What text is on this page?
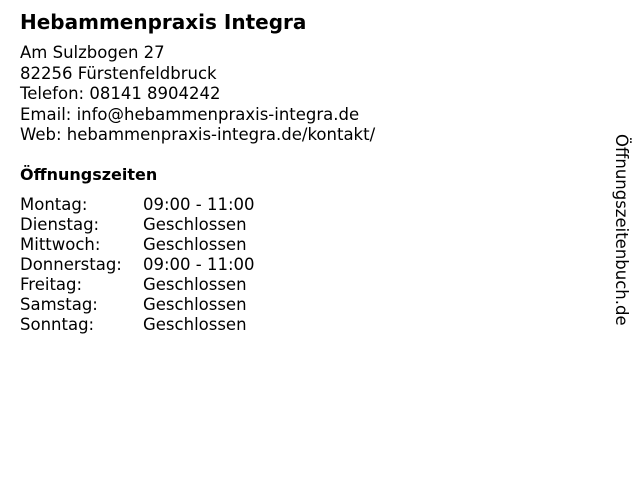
Hebammenpraxis Integra
Am Sulzbogen 27
82256 Fürstenfeldbruck
Telefon: 08141 8904242
Email: info@hebammenpraxis-integra.de
Web: hebammenpraxis-integra.de/kontakt/
Öffnungszeiten
Montag:	09:00 - 11:00
Dienstag:	Geschlossen
Mittwoch:	Geschlossen
Donnerstag:	09:00 - 11:00
Freitag:	Geschlossen
Samstag:	Geschlossen
Sonntag:	Geschlossen	Öffnungszeitenbuch.de
